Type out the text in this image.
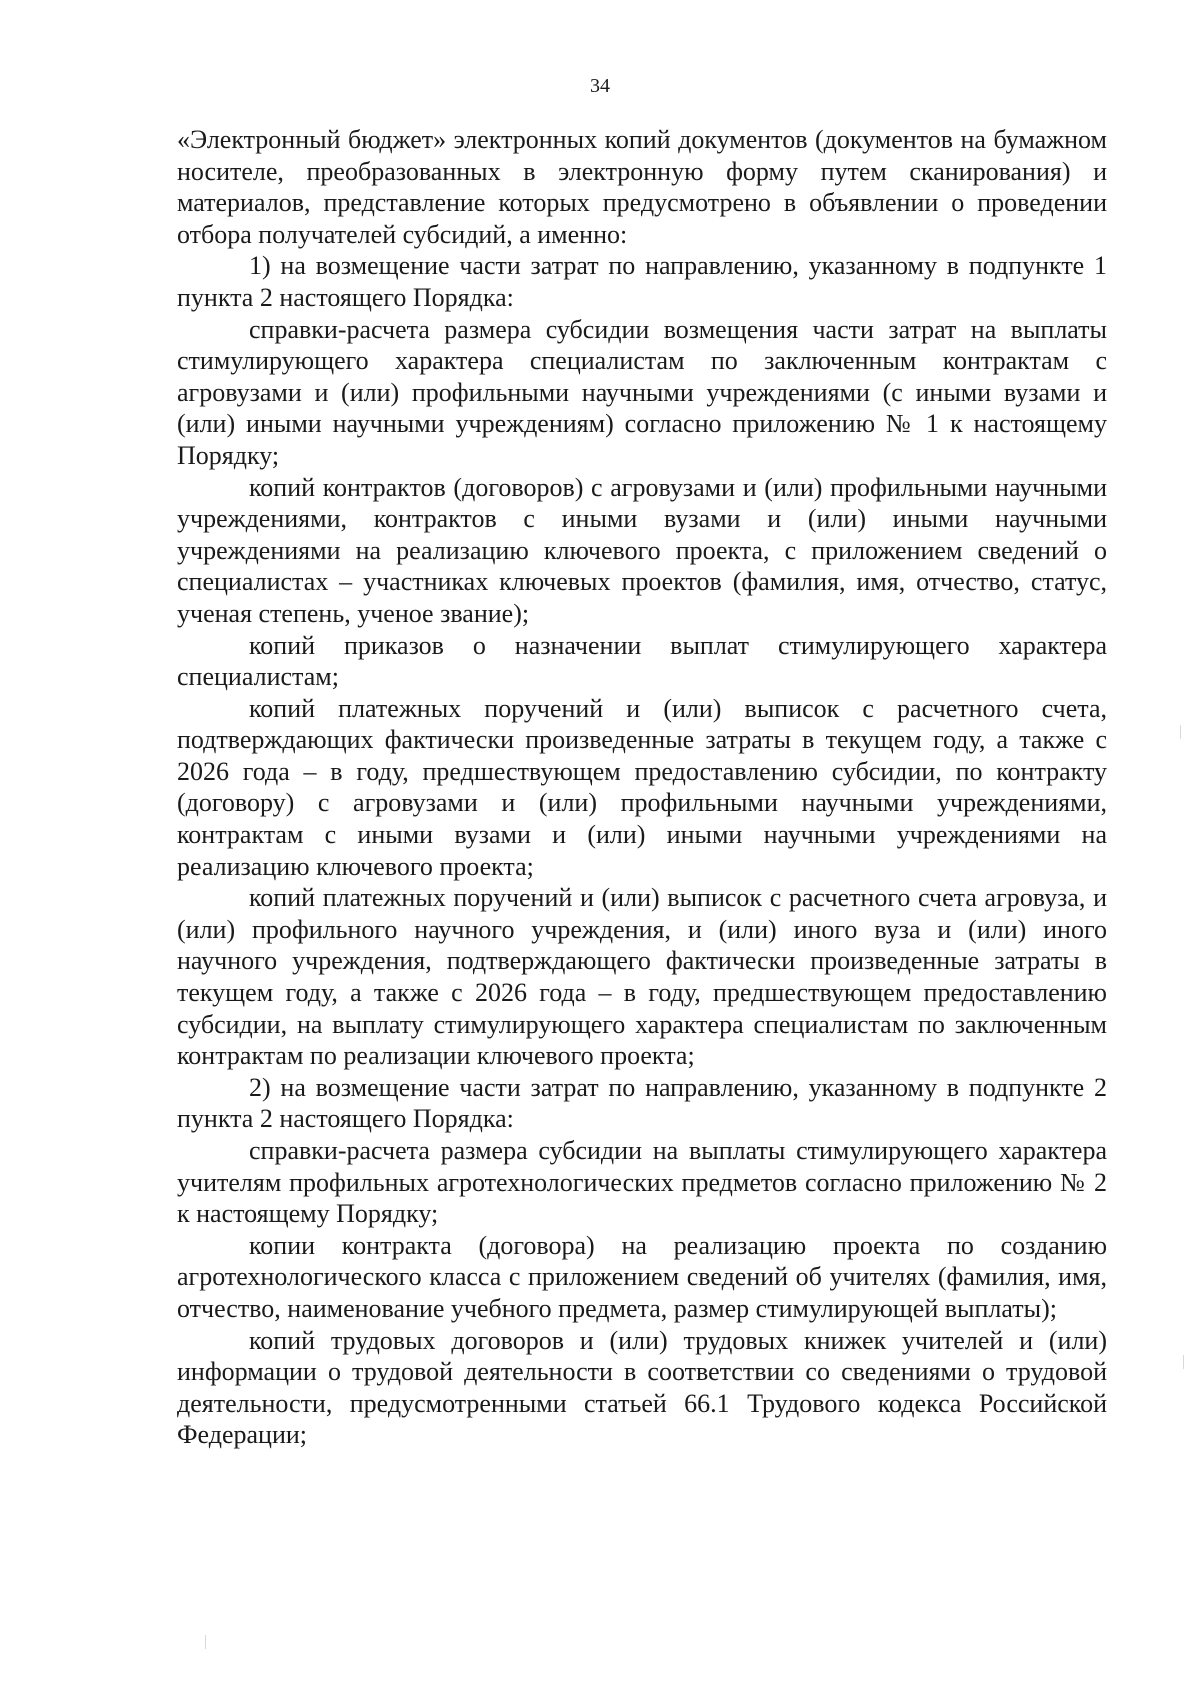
34

«Электронный бюджет» электронных копий документов (документов на бумажном носителе, преобразованных в электронную форму путем сканирования) и материалов, представление которых предусмотрено в объявлении о проведении отбора получателей субсидий, а именно:

1) на возмещение части затрат по направлению, указанному в подпункте 1 пункта 2 настоящего Порядка:

справки-расчета размера субсидии возмещения части затрат на выплаты стимулирующего характера специалистам по заключенным контрактам с агровузами и (или) профильными научными учреждениями (с иными вузами и (или) иными научными учреждениям) согласно приложению № 1 к настоящему Порядку;

копий контрактов (договоров) с агровузами и (или) профильными научными учреждениями, контрактов с иными вузами и (или) иными научными учреждениями на реализацию ключевого проекта, с приложением сведений о специалистах – участниках ключевых проектов (фамилия, имя, отчество, статус, ученая степень, ученое звание);

копий приказов о назначении выплат стимулирующего характера специалистам;

копий платежных поручений и (или) выписок с расчетного счета, подтверждающих фактически произведенные затраты в текущем году, а также с 2026 года – в году, предшествующем предоставлению субсидии, по контракту (договору) с агровузами и (или) профильными научными учреждениями, контрактам с иными вузами и (или) иными научными учреждениями на реализацию ключевого проекта;

копий платежных поручений и (или) выписок с расчетного счета агровуза, и (или) профильного научного учреждения, и (или) иного вуза и (или) иного научного учреждения, подтверждающего фактически произведенные затраты в текущем году, а также с 2026 года – в году, предшествующем предоставлению субсидии, на выплату стимулирующего характера специалистам по заключенным контрактам по реализации ключевого проекта;

2) на возмещение части затрат по направлению, указанному в подпункте 2 пункта 2 настоящего Порядка:

справки-расчета размера субсидии на выплаты стимулирующего характера учителям профильных агротехнологических предметов согласно приложению № 2 к настоящему Порядку;

копии контракта (договора) на реализацию проекта по созданию агротехнологического класса с приложением сведений об учителях (фамилия, имя, отчество, наименование учебного предмета, размер стимулирующей выплаты);

копий трудовых договоров и (или) трудовых книжек учителей и (или) информации о трудовой деятельности в соответствии со сведениями о трудовой деятельности, предусмотренными статьей 66.1 Трудового кодекса Российской Федерации;
